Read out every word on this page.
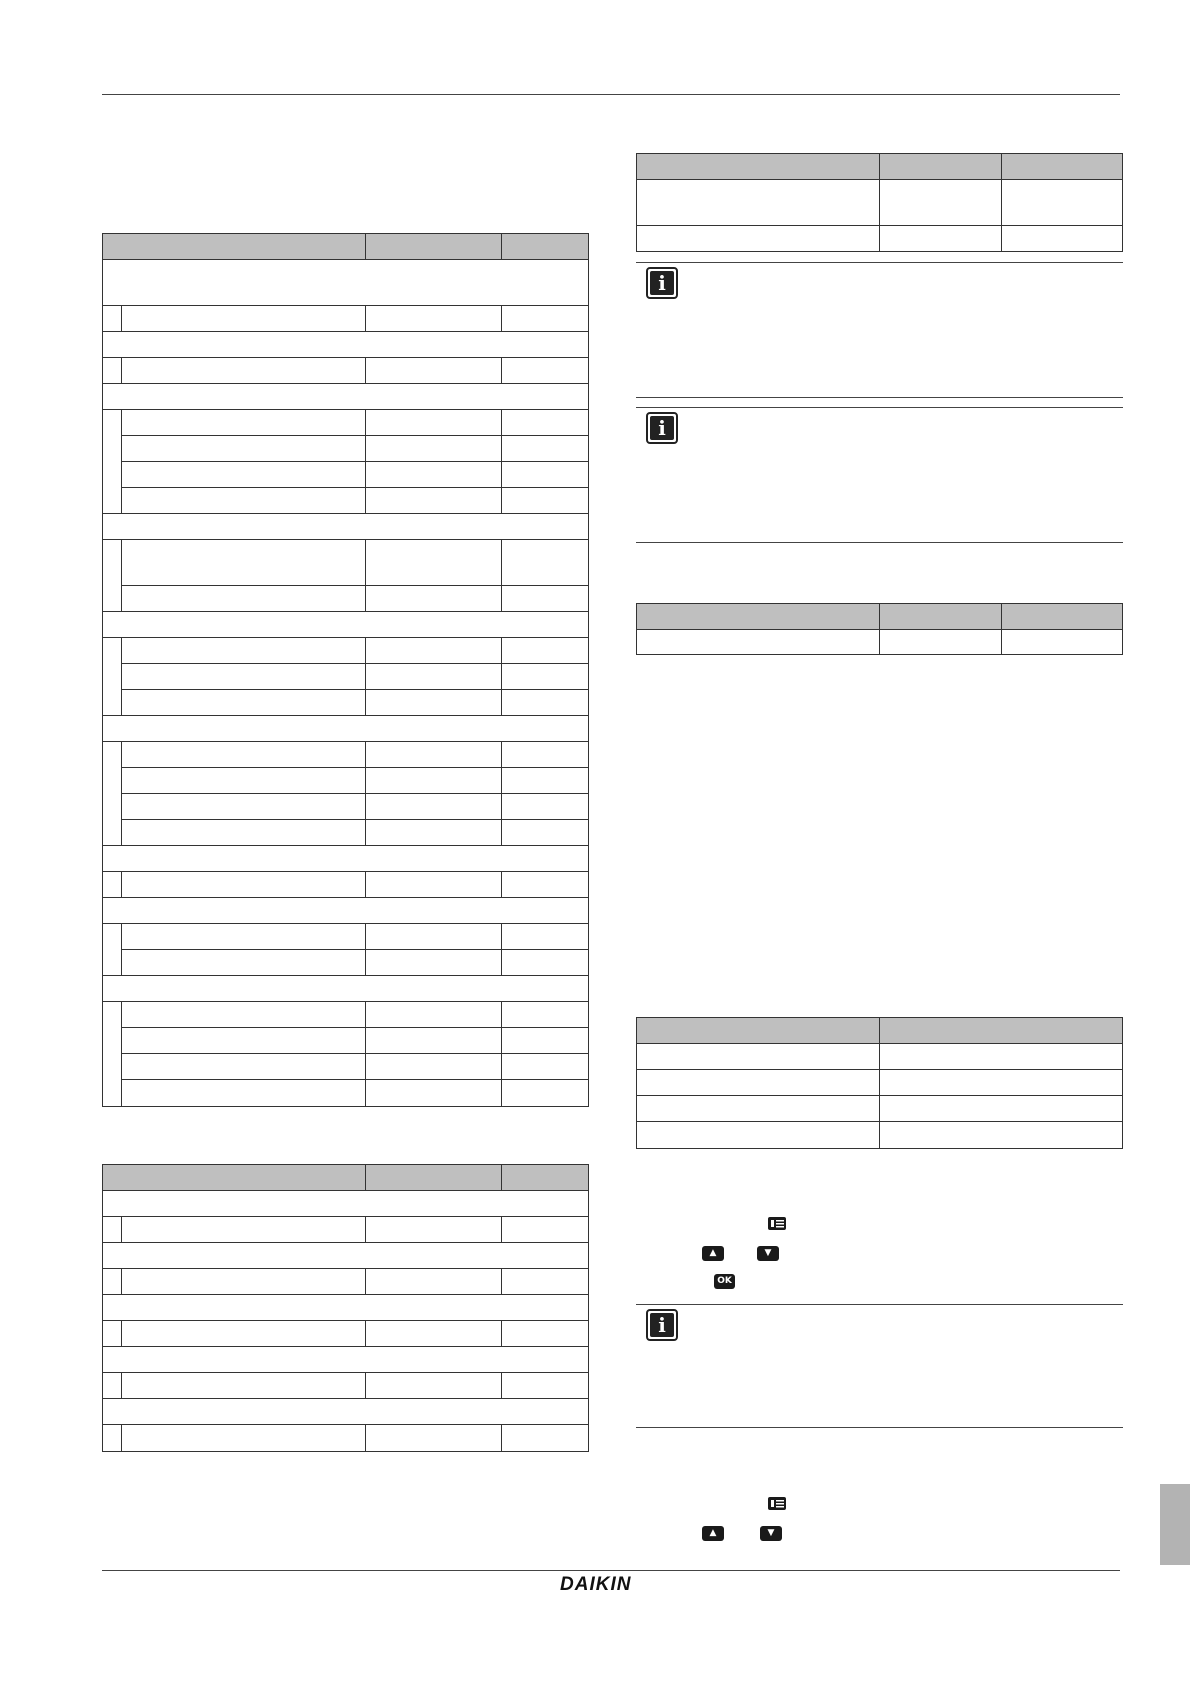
i
i
▲	▼
OK
i
▲	▼
DAIKIN
